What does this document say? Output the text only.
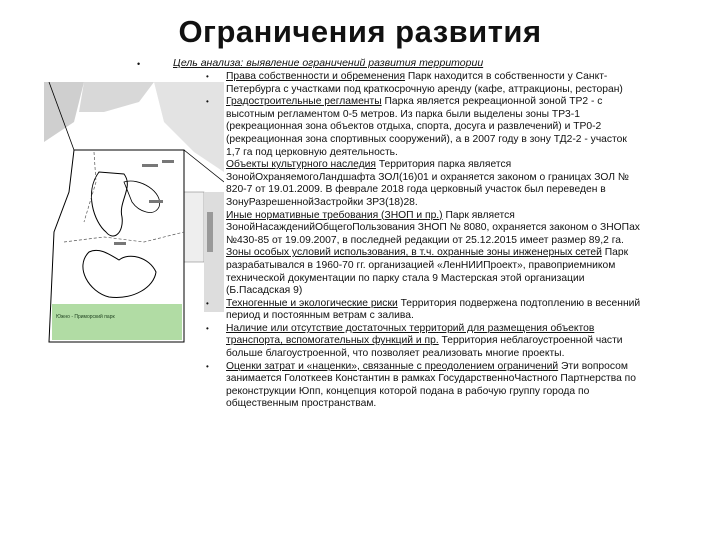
Ограничения развития
•	Цель анализа: выявление ограничений развития территории
Южно - Приморский парк
• Права собственности и обременения Парк находится в собственности у Санкт-Петербурга с участками под краткосрочную аренду (кафе, аттракционы, ресторан)
• Градостроительные регламенты Парка является рекреационной зоной ТР2 - с высотным регламентом 0-5 метров. Из парка были выделены зоны ТР3-1 (рекреационная зона объектов отдыха, спорта, досуга и развлечений) и ТР0-2 (рекреационная зона спортивных сооружений), а в 2007 году в зону ТД2-2 - участок 1,7 га под церковную деятельность.
Объекты культурного наследия Территория парка является ЗонойОхраняемогоЛандшафта ЗОЛ(16)01 и охраняется законом о границах ЗОЛ № 820-7 от 19.01.2009. В феврале 2018 года церковный участок был переведен в ЗонуРазрешеннойЗастройки ЗРЗ(18)28.
Иные нормативные требования (ЗНОП и пр.) Парк является ЗонойНасажденийОбщегоПользования ЗНОП № 8080, охраняется законом о ЗНОПах №430-85 от 19.09.2007, в последней редакции от 25.12.2015 имеет размер 89,2 га.
Зоны особых условий использования, в т.ч. охранные зоны инженерных сетей Парк разрабатывался в 1960-70 гг. организацией «ЛенНИИПроект», правоприемником технической документации по парку стала 9 Мастерская этой организации (Б.Пасадская 9)
• Техногенные и экологические риски Территория подвержена подтоплению в весенний период и постоянным ветрам с залива.
• Наличие или отсутствие достаточных территорий для размещения объектов транспорта, вспомогательных функций и пр. Территория неблагоустроенной части больше благоустроенной, что позволяет реализовать многие проекты.
• Оценки затрат и «наценки», связанные с преодолением ограничений Эти вопросом занимается Голоткеев Константин в рамках ГосударственноЧастного Партнерства по реконструкции Юпп, концепция которой подана в рабочую группу города по общественным пространствам.
